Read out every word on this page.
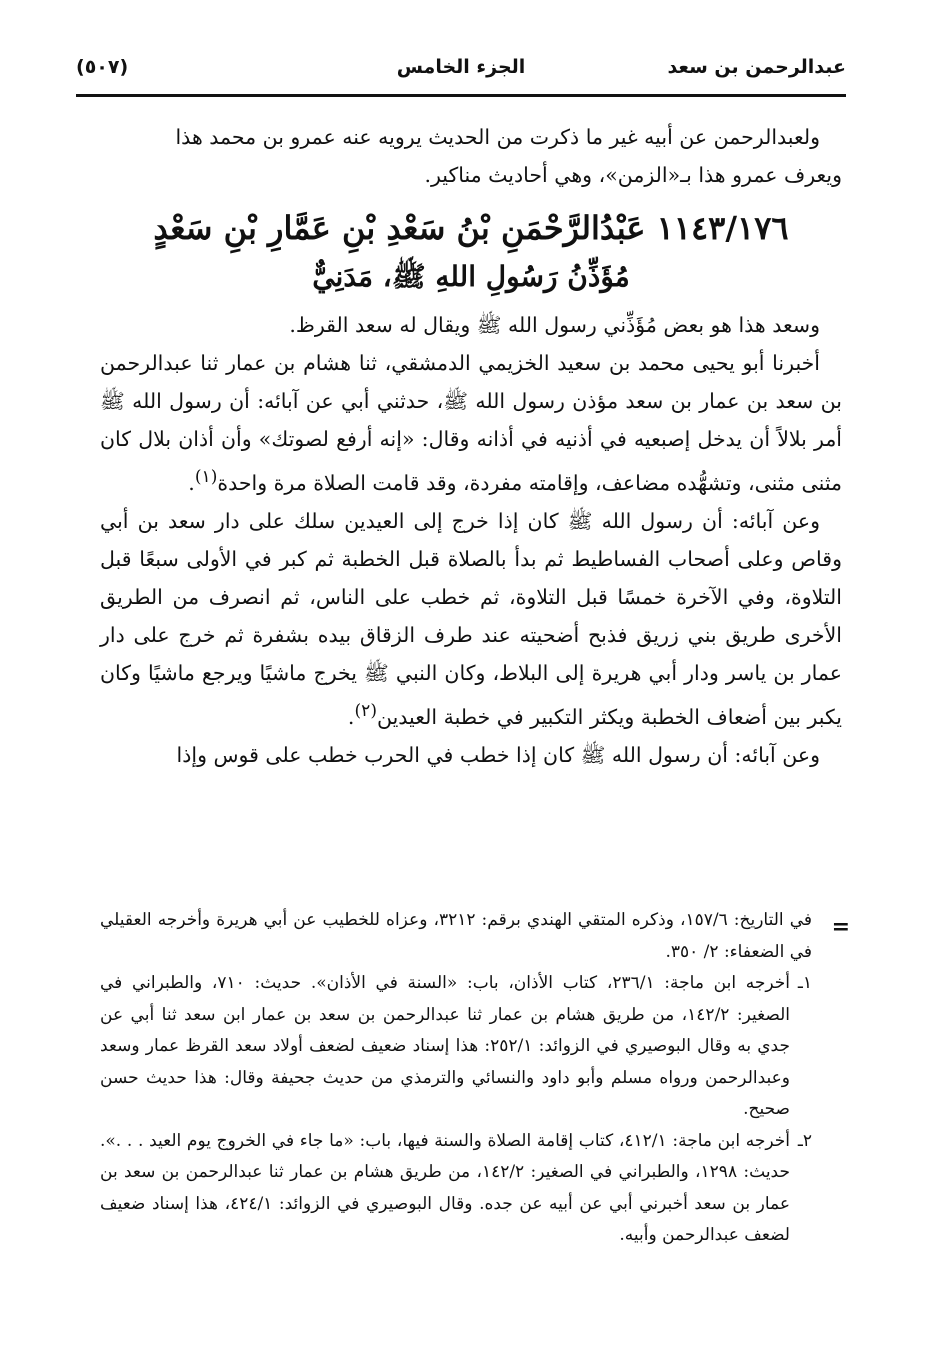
عبدالرحمن بن سعد
الجزء الخامس
(٥٠٧)

ولعبدالرحمن عن أبيه غير ما ذكرت من الحديث يرويه عنه عمرو بن محمد هذا

ويعرف عمرو هذا بـ«الزمن»، وهي أحاديث مناكير.

١١٤٣/١٧٦ عَبْدُالرَّحْمَنِ بْنُ سَعْدِ بْنِ عَمَّارِ بْنِ سَعْدٍ
مُؤَذِّنُ رَسُولِ اللهِ ﷺ، مَدَنِيٌّ

وسعد هذا هو بعض مُؤَذِّني رسول الله ﷺ ويقال له سعد القرظ.

أخبرنا أبو يحيى محمد بن سعيد الخزيمي الدمشقي، ثنا هشام بن عمار ثنا عبدالرحمن بن سعد بن عمار بن سعد مؤذن رسول الله ﷺ، حدثني أبي عن آبائه: أن رسول الله ﷺ أمر بلالاً أن يدخل إصبعيه في أذنيه في أذانه وقال: «إنه أرفع لصوتك» وأن أذان بلال كان مثنى مثنى، وتشهُّده مضاعف، وإقامته مفردة، وقد قامت الصلاة مرة واحدة$^{(١)}$.

وعن آبائه: أن رسول الله ﷺ كان إذا خرج إلى العيدين سلك على دار سعد بن أبي وقاص وعلى أصحاب الفساطيط ثم بدأ بالصلاة قبل الخطبة ثم كبر في الأولى سبعًا قبل التلاوة، وفي الآخرة خمسًا قبل التلاوة، ثم خطب على الناس، ثم انصرف من الطريق الأخرى طريق بني زريق فذبح أضحيته عند طرف الزقاق بيده بشفرة ثم خرج على دار عمار بن ياسر ودار أبي هريرة إلى البلاط، وكان النبي ﷺ يخرج ماشيًا ويرجع ماشيًا وكان يكبر بين أضعاف الخطبة ويكثر التكبير في خطبة العيدين$^{(٢)}$.

وعن آبائه: أن رسول الله ﷺ كان إذا خطب في الحرب خطب على قوس وإذا

=

في التاريخ: ١٥٧/٦، وذكره المتقي الهندي برقم: ٣٢١٢، وعزاه للخطيب عن أبي هريرة وأخرجه العقيلي في الضعفاء: ٢/ ٣٥٠.

١ـأخرجه ابن ماجة: ٢٣٦/١، كتاب الأذان، باب: «السنة في الأذان». حديث: ٧١٠، والطبراني في الصغير: ١٤٢/٢، من طريق هشام بن عمار ثنا عبدالرحمن بن سعد بن عمار ابن سعد ثنا أبي عن جدي به وقال البوصيري في الزوائد: ٢٥٢/١: هذا إسناد ضعيف لضعف أولاد سعد القرظ عمار وسعد وعبدالرحمن ورواه مسلم وأبو داود والنسائي والترمذي من حديث جحيفة وقال: هذا حديث حسن صحيح.

٢ـأخرجه ابن ماجة: ٤١٢/١، كتاب إقامة الصلاة والسنة فيها، باب: «ما جاء في الخروج يوم العيد . . .». حديث: ١٢٩٨، والطبراني في الصغير: ١٤٢/٢، من طريق هشام بن عمار ثنا عبدالرحمن بن سعد بن عمار بن سعد أخبرني أبي عن أبيه عن جده. وقال البوصيري في الزوائد: ٤٢٤/١، هذا إسناد ضعيف لضعف عبدالرحمن وأبيه.
